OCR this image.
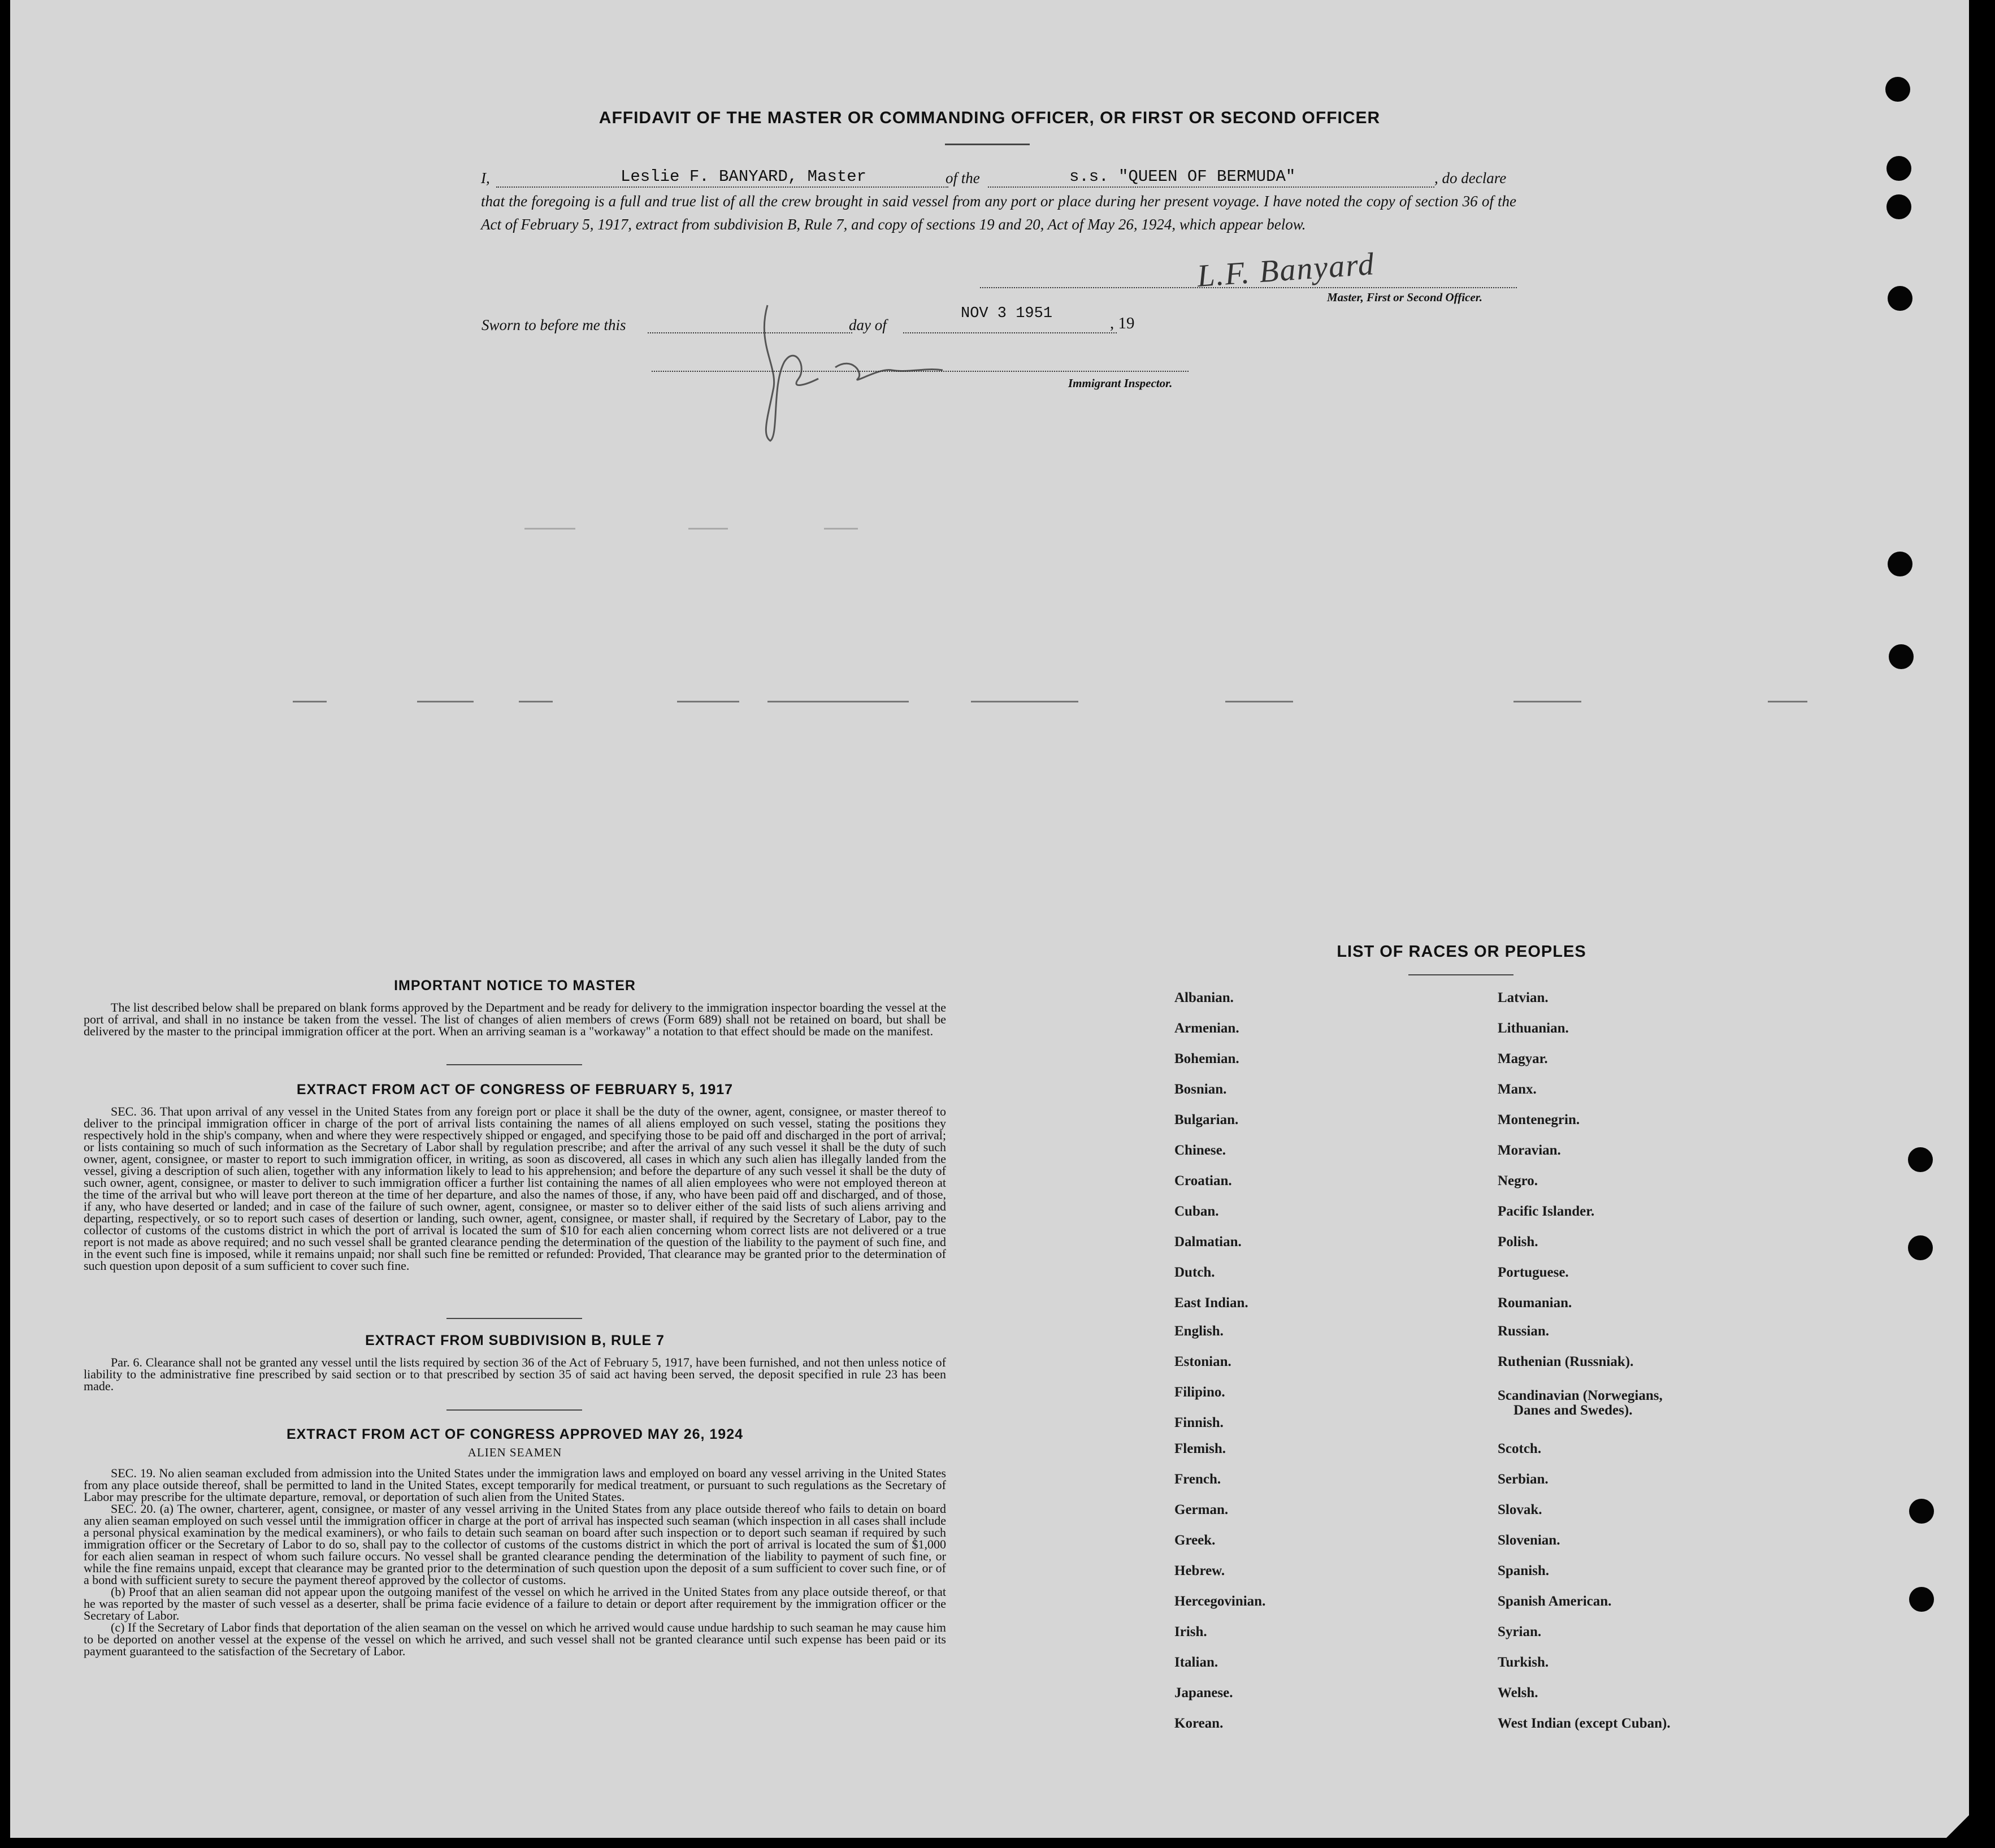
AFFIDAVIT OF THE MASTER OR COMMANDING OFFICER, OR FIRST OR SECOND OFFICER
I,	Leslie F. BANYARD, Master	of the	s.s. "QUEEN OF BERMUDA"	, do declare
that the foregoing is a full and true list of all the crew brought in said vessel from any port or place during her present voyage. I have noted the copy of section 36 of the Act of February 5, 1917, extract from subdivision B, Rule 7, and copy of sections 19 and 20, Act of May 26, 1924, which appear below.
L.F. Banyard
Master, First or Second Officer.
Sworn to before me this	day of
NOV 3 1951
, 19
Immigrant Inspector.
IMPORTANT NOTICE TO MASTER

The list described below shall be prepared on blank forms approved by the Department and be ready for delivery to the immigration inspector boarding the vessel at the port of arrival, and shall in no instance be taken from the vessel. The list of changes of alien members of crews (Form 689) shall not be retained on board, but shall be delivered by the master to the principal immigration officer at the port. When an arriving seaman is a "workaway" a notation to that effect should be made on the manifest.

EXTRACT FROM ACT OF CONGRESS OF FEBRUARY 5, 1917

SEC. 36. That upon arrival of any vessel in the United States from any foreign port or place it shall be the duty of the owner, agent, consignee, or master thereof to deliver to the principal immigration officer in charge of the port of arrival lists containing the names of all aliens employed on such vessel, stating the positions they respectively hold in the ship's company, when and where they were respectively shipped or engaged, and specifying those to be paid off and discharged in the port of arrival; or lists containing so much of such information as the Secretary of Labor shall by regulation prescribe; and after the arrival of any such vessel it shall be the duty of such owner, agent, consignee, or master to report to such immigration officer, in writing, as soon as discovered, all cases in which any such alien has illegally landed from the vessel, giving a description of such alien, together with any information likely to lead to his apprehension; and before the departure of any such vessel it shall be the duty of such owner, agent, consignee, or master to deliver to such immigration officer a further list containing the names of all alien employees who were not employed thereon at the time of the arrival but who will leave port thereon at the time of her departure, and also the names of those, if any, who have been paid off and discharged, and of those, if any, who have deserted or landed; and in case of the failure of such owner, agent, consignee, or master so to deliver either of the said lists of such aliens arriving and departing, respectively, or so to report such cases of desertion or landing, such owner, agent, consignee, or master shall, if required by the Secretary of Labor, pay to the collector of customs of the customs district in which the port of arrival is located the sum of $10 for each alien concerning whom correct lists are not delivered or a true report is not made as above required; and no such vessel shall be granted clearance pending the determination of the question of the liability to the payment of such fine, and in the event such fine is imposed, while it remains unpaid; nor shall such fine be remitted or refunded: Provided, That clearance may be granted prior to the determination of such question upon deposit of a sum sufficient to cover such fine.

EXTRACT FROM SUBDIVISION B, RULE 7

Par. 6. Clearance shall not be granted any vessel until the lists required by section 36 of the Act of February 5, 1917, have been furnished, and not then unless notice of liability to the administrative fine prescribed by said section or to that prescribed by section 35 of said act having been served, the deposit specified in rule 23 has been made.

EXTRACT FROM ACT OF CONGRESS APPROVED MAY 26, 1924
ALIEN SEAMEN

SEC. 19. No alien seaman excluded from admission into the United States under the immigration laws and employed on board any vessel arriving in the United States from any place outside thereof, shall be permitted to land in the United States, except temporarily for medical treatment, or pursuant to such regulations as the Secretary of Labor may prescribe for the ultimate departure, removal, or deportation of such alien from the United States.

SEC. 20. (a) The owner, charterer, agent, consignee, or master of any vessel arriving in the United States from any place outside thereof who fails to detain on board any alien seaman employed on such vessel until the immigration officer in charge at the port of arrival has inspected such seaman (which inspection in all cases shall include a personal physical examination by the medical examiners), or who fails to detain such seaman on board after such inspection or to deport such seaman if required by such immigration officer or the Secretary of Labor to do so, shall pay to the collector of customs of the customs district in which the port of arrival is located the sum of $1,000 for each alien seaman in respect of whom such failure occurs. No vessel shall be granted clearance pending the determination of the liability to payment of such fine, or while the fine remains unpaid, except that clearance may be granted prior to the determination of such question upon the deposit of a sum sufficient to cover such fine, or of a bond with sufficient surety to secure the payment thereof approved by the collector of customs.

(b) Proof that an alien seaman did not appear upon the outgoing manifest of the vessel on which he arrived in the United States from any place outside thereof, or that he was reported by the master of such vessel as a deserter, shall be prima facie evidence of a failure to detain or deport after requirement by the immigration officer or the Secretary of Labor.

(c) If the Secretary of Labor finds that deportation of the alien seaman on the vessel on which he arrived would cause undue hardship to such seaman he may cause him to be deported on another vessel at the expense of the vessel on which he arrived, and such vessel shall not be granted clearance until such expense has been paid or its payment guaranteed to the satisfaction of the Secretary of Labor.

LIST OF RACES OR PEOPLES
Albanian.
Armenian.
Bohemian.
Bosnian.
Bulgarian.
Chinese.
Croatian.
Cuban.
Dalmatian.
Dutch.
East Indian.
English.
Estonian.
Filipino.
Finnish.
Flemish.
French.
German.
Greek.
Hebrew.
Hercegovinian.
Irish.
Italian.
Japanese.
Korean.
Latvian.
Lithuanian.
Magyar.
Manx.
Montenegrin.
Moravian.
Negro.
Pacific Islander.
Polish.
Portuguese.
Roumanian.
Russian.
Ruthenian (Russniak).
Scandinavian (Norwegians,
Danes and Swedes).
Scotch.
Serbian.
Slovak.
Slovenian.
Spanish.
Spanish American.
Syrian.
Turkish.
Welsh.
West Indian (except Cuban).
